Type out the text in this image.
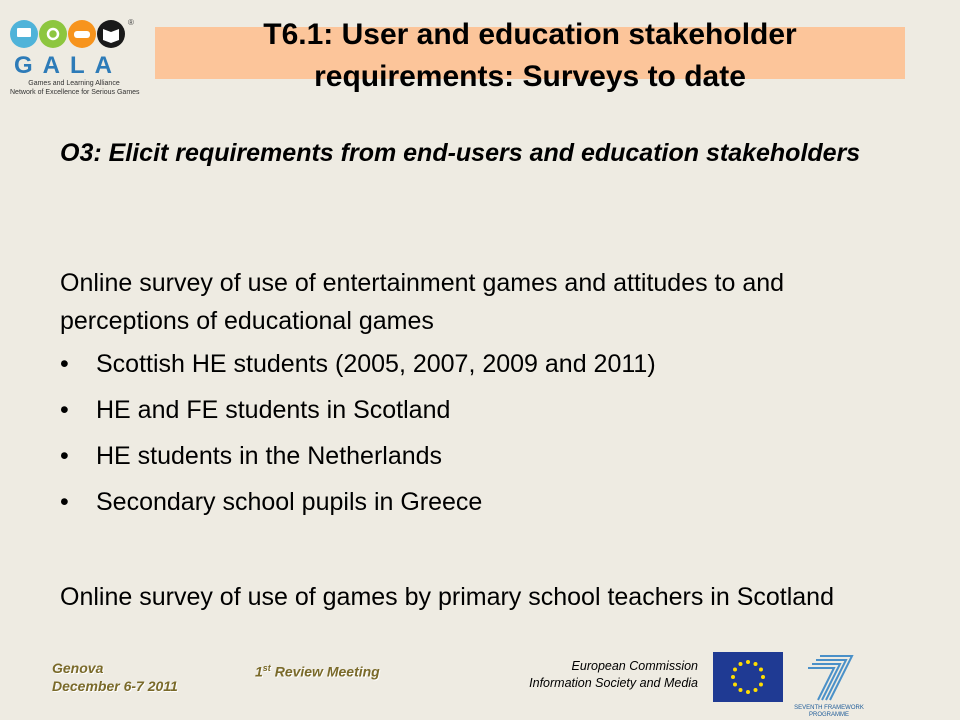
®
GALA
Games and Learning Alliance
Network of Excellence for Serious Games
T6.1: User and education stakeholder
requirements: Surveys to date
O3: Elicit requirements from end-users and education stakeholders
Online survey of use of entertainment games and attitudes to and perceptions of educational games
• Scottish HE students (2005, 2007, 2009 and 2011)
• HE and FE students in Scotland
• HE students in the Netherlands
• Secondary school pupils in Greece
Online survey of use of games by primary school teachers in Scotland
Genova
December 6-7 2011
1st Review Meeting	European Commission Information Society and Media
SEVENTH FRAMEWORK
PROGRAMME
